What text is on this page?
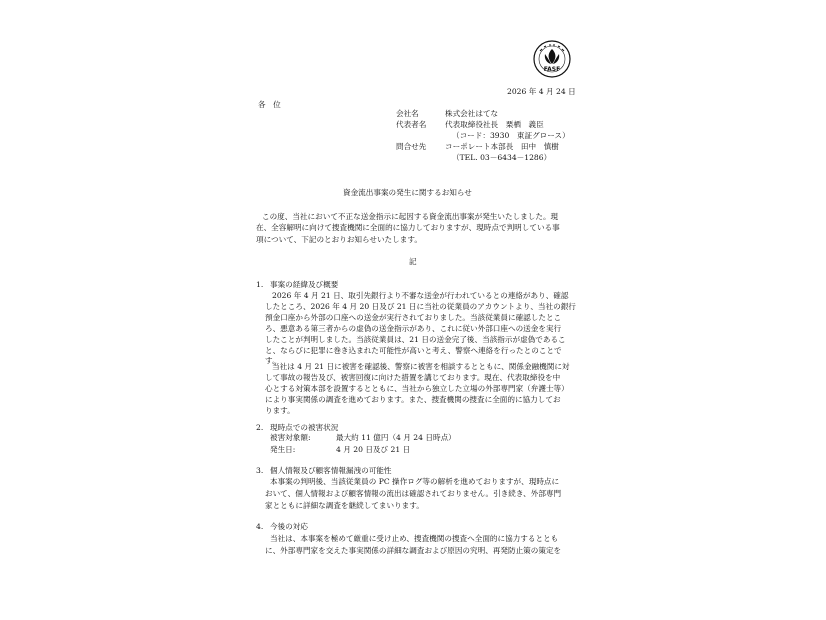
FASF
2026 年 4 月 24 日
各　位
会社名	株式会社はてな
代表者名 代表取締役社長　栗栖　義臣
（コード：3930　東証グロース）
問合せ先 コーポレート本部長　田中　慎樹
（TEL. 03－6434－1286）
資金流出事案の発生に関するお知らせ
この度、当社において不正な送金指示に起因する資金流出事案が発生いたしました。現
在、全容解明に向けて捜査機関に全面的に協力しておりますが、現時点で判明している事
項について、下記のとおりお知らせいたします。
記
1. 事案の経緯及び概要
2026 年 4 月 21 日、取引先銀行より不審な送金が行われているとの連絡があり、確認
したところ、2026 年 4 月 20 日及び 21 日に当社の従業員のアカウントより、当社の銀行
預金口座から外部の口座への送金が実行されておりました。当該従業員に確認したとこ
ろ、悪意ある第三者からの虚偽の送金指示があり、これに従い外部口座への送金を実行
したことが判明しました。当該従業員は、21 日の送金完了後、当該指示が虚偽であるこ
と、ならびに犯罪に巻き込まれた可能性が高いと考え、警察へ連絡を行ったとのことで
す。
当社は 4 月 21 日に被害を確認後、警察に被害を相談するとともに、関係金融機関に対
して事故の報告及び、被害回復に向けた措置を講じております。現在、代表取締役を中
心とする対策本部を設置するとともに、当社から独立した立場の外部専門家（弁護士等）
により事実関係の調査を進めております。また、捜査機関の捜査に全面的に協力してお
ります。
2. 現時点での被害状況
被害対象額:	最大約 11 億円（4 月 24 日時点）
発生日:	4 月 20 日及び 21 日
3. 個人情報及び顧客情報漏洩の可能性
本事案の判明後、当該従業員の PC 操作ログ等の解析を進めておりますが、現時点に
おいて、個人情報および顧客情報の流出は確認されておりません。引き続き、外部専門
家とともに詳細な調査を継続してまいります。
4. 今後の対応
当社は、本事案を極めて厳重に受け止め、捜査機関の捜査へ全面的に協力するととも
に、外部専門家を交えた事実関係の詳細な調査および原因の究明、再発防止策の策定を
